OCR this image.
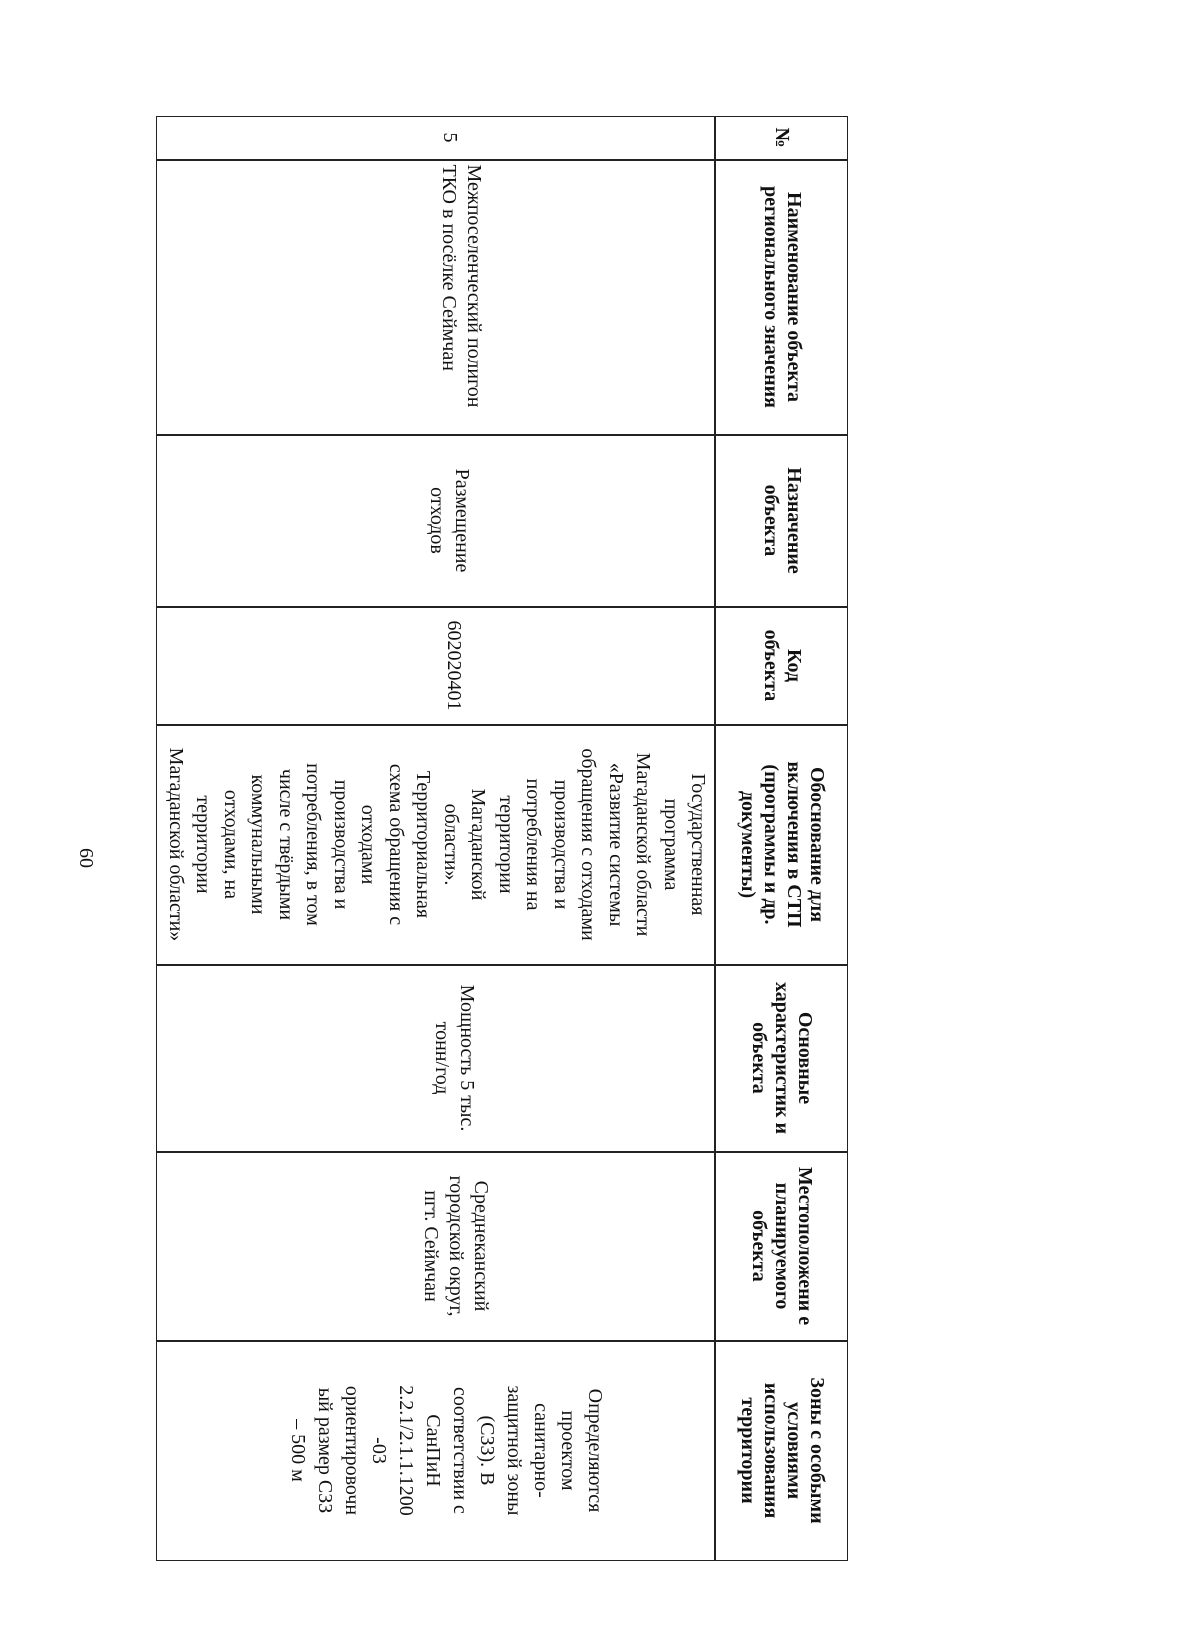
60
№
Наименование объекта регионального значения
Назначение объекта
Код объекта
Обоснование для включения в СТП (программы и др. документы)
Основные характеристик и объекта
Местоположени е планируемого объекта
Зоны с особыми условиями использования территории
5
Межпоселенческий полигон ТКО в посёлке Сеймчан
Размещение отходов
602020401
Государственная
программа
Магаданской области
«Развитие системы
обращения с отходами
производства и
потребления на
территории
Магаданской
области».
Территориальная
схема обращения с
отходами
производства и
потребления, в том
числе с твёрдыми
коммунальными
отходами, на
территории
Магаданской области»
Мощность 5 тыс.
тонн/год
Среднеканский
городской округ,
пгт. Сеймчан
Определяются
проектом
санитарно-
защитной зоны
(СЗЗ). В
соответствии с
СанПиН
2.2.1/2.1.1.1200
-03
ориентировочн
ый размер СЗЗ
– 500 м
